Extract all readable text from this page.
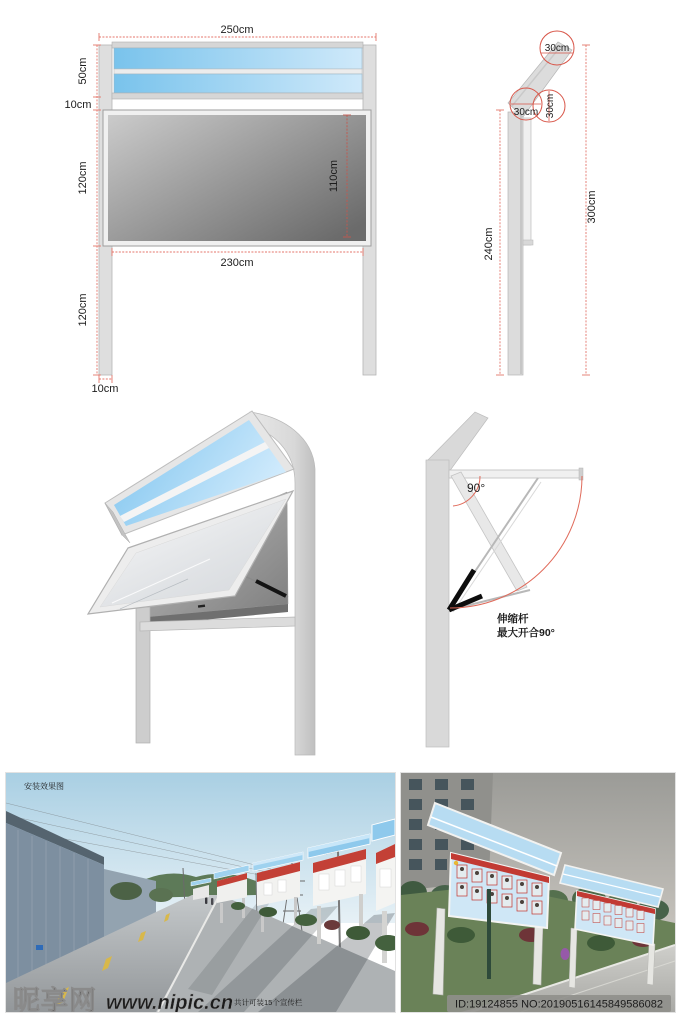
250cm
50cm
10cm
120cm
120cm
110cm
230cm
10cm
30cm
30cm 30cm
240cm
300cm
90°
伸缩杆
最大开合90°
安装效果图
昵享网 www.nipic.cn 共计可装15个宣传栏	ID:19124855 NO:20190516145849586082
